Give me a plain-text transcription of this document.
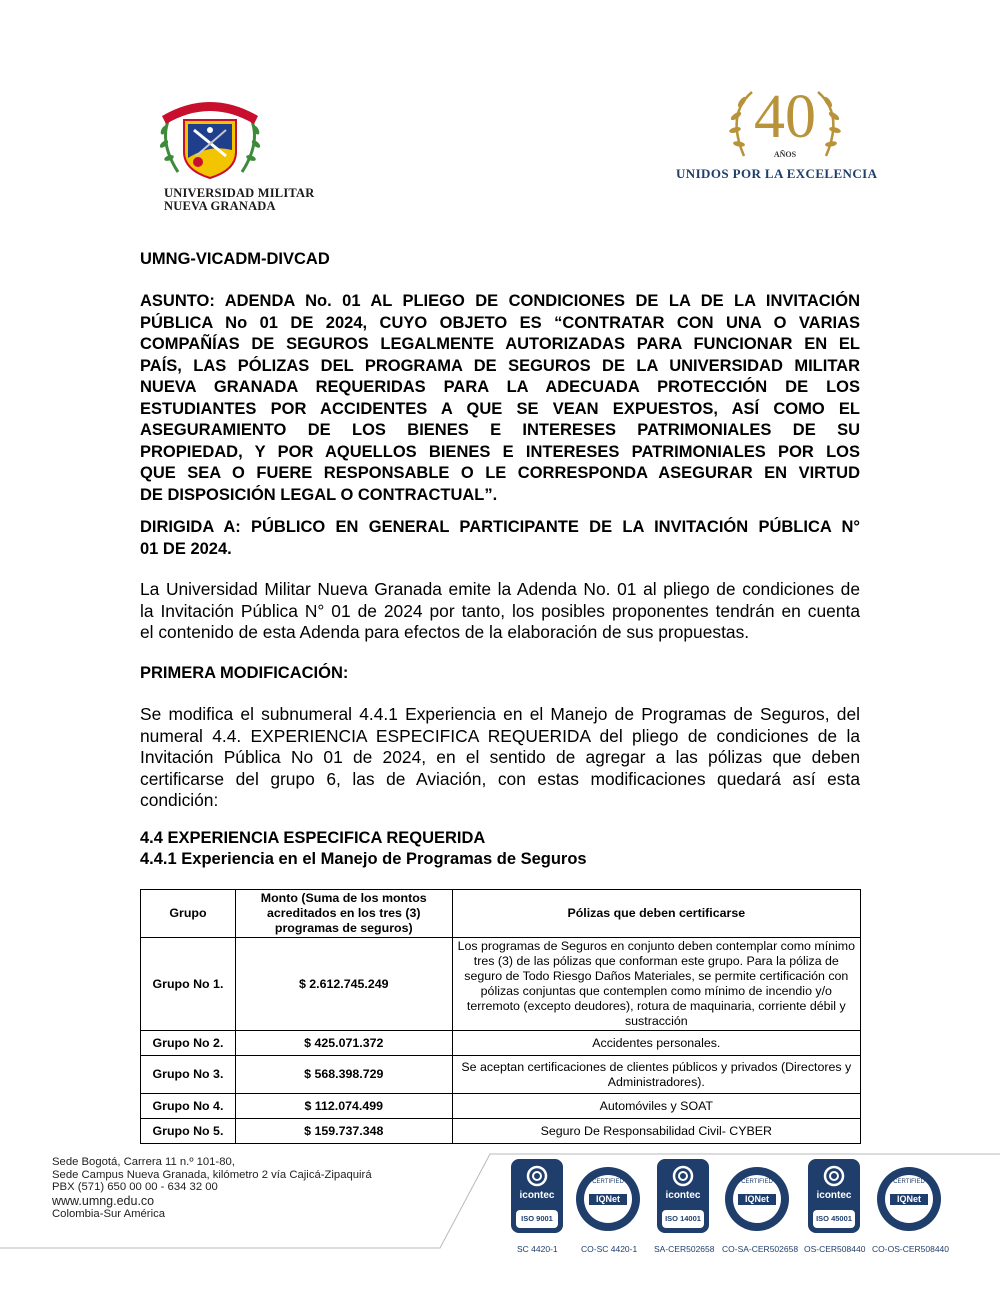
SCIENTIÆ · PATRIÆ · FAMILIÆ
UNIVERSIDAD MILITAR
NUEVA GRANADA
40
AÑOS
UNIDOS POR LA EXCELENCIA
UMNG-VICADM-DIVCAD
ASUNTO: ADENDA No. 01 AL PLIEGO DE CONDICIONES DE LA DE LA INVITACIÓN
PÚBLICA No 01 DE 2024, CUYO OBJETO ES “CONTRATAR CON UNA O VARIAS
COMPAÑÍAS DE SEGUROS LEGALMENTE AUTORIZADAS PARA FUNCIONAR EN EL
PAÍS, LAS PÓLIZAS DEL PROGRAMA DE SEGUROS DE LA UNIVERSIDAD MILITAR
NUEVA GRANADA REQUERIDAS PARA LA ADECUADA PROTECCIÓN DE LOS
ESTUDIANTES POR ACCIDENTES A QUE SE VEAN EXPUESTOS, ASÍ COMO EL
ASEGURAMIENTO DE LOS BIENES E INTERESES PATRIMONIALES DE SU
PROPIEDAD, Y POR AQUELLOS BIENES E INTERESES PATRIMONIALES POR LOS
QUE SEA O FUERE RESPONSABLE O LE CORRESPONDA ASEGURAR EN VIRTUD
DE DISPOSICIÓN LEGAL O CONTRACTUAL”.
DIRIGIDA A: PÚBLICO EN GENERAL PARTICIPANTE DE LA INVITACIÓN PÚBLICA N°
01 DE 2024.
La Universidad Militar Nueva Granada emite la Adenda No. 01 al pliego de condiciones de
la Invitación Pública N° 01 de 2024 por tanto, los posibles proponentes tendrán en cuenta
el contenido de esta Adenda para efectos de la elaboración de sus propuestas.
PRIMERA MODIFICACIÓN:
Se modifica el subnumeral 4.4.1 Experiencia en el Manejo de Programas de Seguros, del
numeral 4.4. EXPERIENCIA ESPECIFICA REQUERIDA del pliego de condiciones de la
Invitación Pública No 01 de 2024, en el sentido de agregar a las pólizas que deben
certificarse del grupo 6, las de Aviación, con estas modificaciones quedará así esta
condición:
4.4 EXPERIENCIA ESPECIFICA REQUERIDA
4.4.1 Experiencia en el Manejo de Programas de Seguros
Grupo	Monto (Suma de los montos acreditados en los tres (3) programas de seguros)	Pólizas que deben certificarse
Grupo No 1.	$ 2.612.745.249	Los programas de Seguros en conjunto deben contemplar como mínimo tres (3) de las pólizas que conforman este grupo. Para la póliza de seguro de Todo Riesgo Daños Materiales, se permite certificación con pólizas conjuntas que contemplen como mínimo de incendio y/o terremoto (excepto deudores), rotura de maquinaria, corriente débil y sustracción
Grupo No 2.	$ 425.071.372	Accidentes personales.
Grupo No 3.	$ 568.398.729	Se aceptan certificaciones de clientes públicos y privados (Directores y Administradores).
Grupo No 4.	$ 112.074.499	Automóviles y SOAT
Grupo No 5.	$ 159.737.348	Seguro De Responsabilidad Civil- CYBER
Sede Bogotá, Carrera 11 n.º 101-80,
Sede Campus Nueva Granada, kilómetro 2 vía Cajicá-Zipaquirá
PBX (571) 650 00 00 - 634 32 00
www.umng.edu.co
Colombia-Sur América
icontec
ISO 9001
SC 4420-1
IQNet
CERTIFIED
CO-SC 4420-1
icontec
ISO 14001
SA-CER502658
IQNet
CERTIFIED
CO-SA-CER502658
icontec
ISO 45001
OS-CER508440
IQNet
CERTIFIED
CO-OS-CER508440
